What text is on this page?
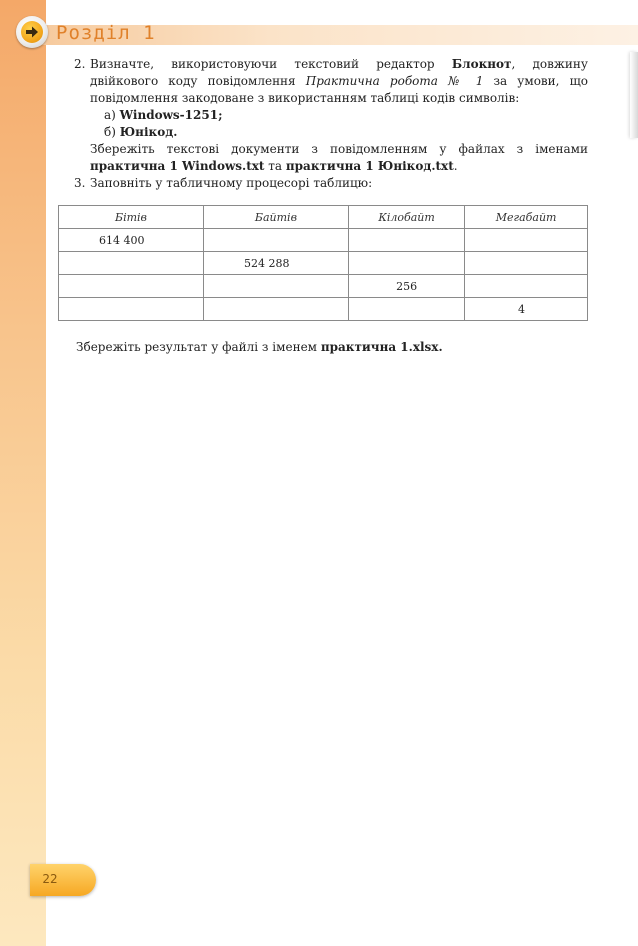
Розділ 1
2. Визначте, використовуючи текстовий редактор Блокнот, довжину двійкового коду повідомлення Практична робота № 1 за умови, що повідомлення закодоване з використанням таблиці кодів символів:
а) Windows-1251;
б) Юнікод.
Збережіть текстові документи з повідомленням у файлах з іменами практична 1 Windows.txt та практична 1 Юнікод.txt.
3. Заповніть у табличному процесорі таблицю:
Бітів	Байтів	Кілобайт	Мегабайт
614 400			
	524 288		
		256	
			4

Збережіть результат у файлі з іменем практична 1.xlsx.

22
